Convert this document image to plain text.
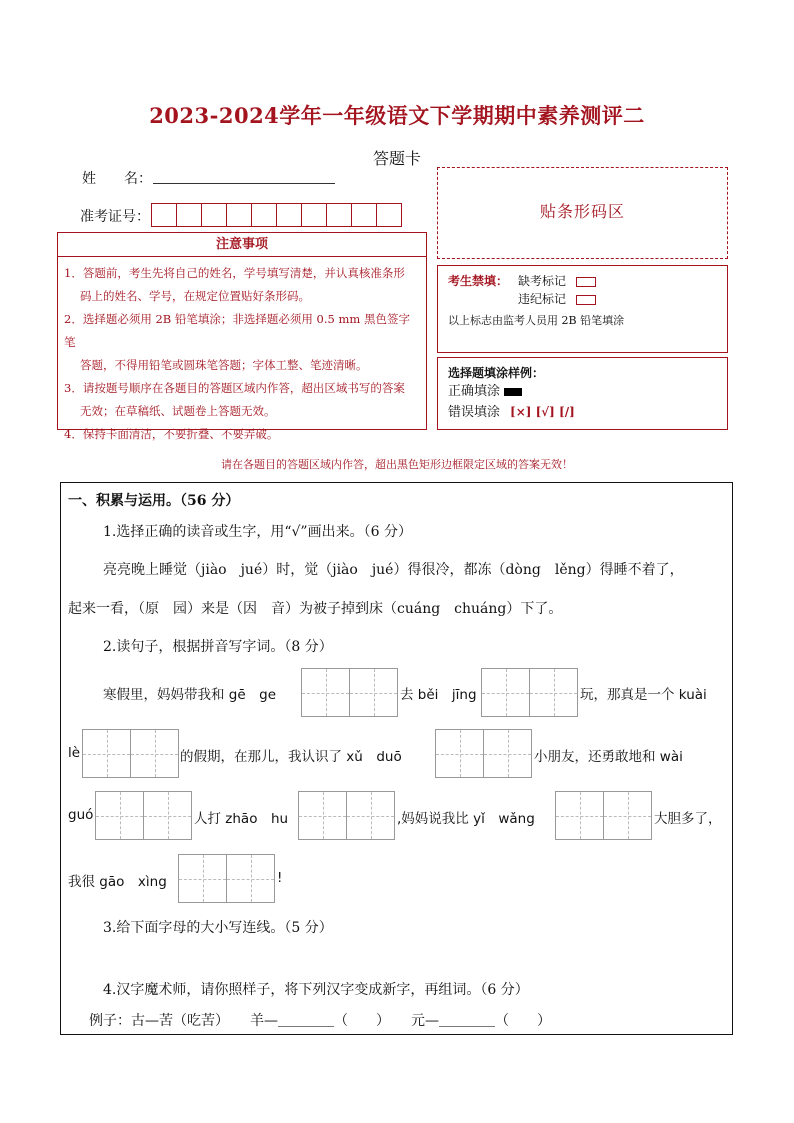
2023-2024学年一年级语文下学期期中素养测评二
答题卡
姓　　名：
准考证号：
注意事项

1．答题前，考生先将自己的姓名，学号填写清楚，并认真核准条形

码上的姓名、学号，在规定位置贴好条形码。

2．选择题必须用 2B 铅笔填涂；非选择题必须用 0.5 mm 黑色签字笔

答题，不得用铅笔或圆珠笔答题；字体工整、笔迹清晰。

3．请按题号顺序在各题目的答题区域内作答，超出区域书写的答案

无效；在草稿纸、试题卷上答题无效。

4．保持卡面清洁，不要折叠、不要弄破。

贴条形码区
考生禁填： 缺考标记
违纪标记
以上标志由监考人员用 2B 铅笔填涂
选择题填涂样例：
正确填涂
错误填涂 [×] [√] [/]
请在各题目的答题区域内作答，超出黑色矩形边框限定区域的答案无效！
一、积累与运用。（56 分）
1.选择正确的读音或生字，用“√”画出来。（6 分）
亮亮晚上睡觉（jiào　jué）时，觉（jiào　jué）得很冷，都冻（dòng　lěng）得睡不着了，
起来一看，（原　园）来是（因　音）为被子掉到床（cuáng　chuáng）下了。
2.读句子，根据拼音写字词。（8 分）
寒假里，妈妈带我和 gē　ge	去 běi　jīng	玩，那真是一个 kuài
lè	的假期，在那儿，我认识了 xǔ　duō	小朋友，还勇敢地和 wài
guó	人打 zhāo　hu	,妈妈说我比 yǐ　wǎng	大胆多了，
我很 gāo　xìng	!
3.给下面字母的大小写连线。（5 分）
4.汉字魔术师，请你照样子，将下列汉字变成新字，再组词。（6 分）
例子：古—苦（吃苦）　　羊—＿＿＿＿（　　）　　元—＿＿＿＿（　　）
